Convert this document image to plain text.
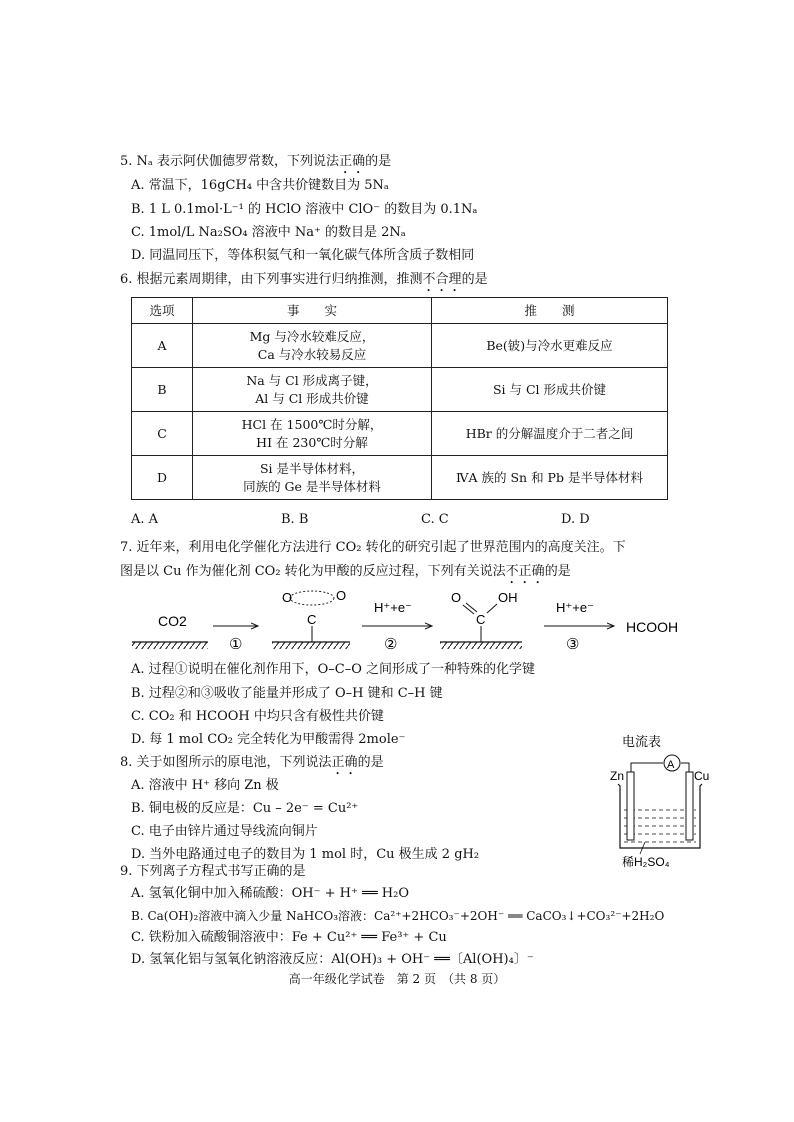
5. Nₐ 表示阿伏伽德罗常数，下列说法正确的是
A. 常温下，16gCH₄ 中含共价键数目为 5Nₐ
B. 1 L 0.1mol·L⁻¹ 的 HClO 溶液中 ClO⁻ 的数目为 0.1Nₐ
C. 1mol/L Na₂SO₄ 溶液中 Na⁺ 的数目是 2Nₐ
D. 同温同压下，等体积氦气和一氧化碳气体所含质子数相同
6. 根据元素周期律，由下列事实进行归纳推测，推测不合理的是
选项	事　　实	推　　测
A	Mg 与冷水较难反应，
Ca 与冷水较易反应	Be(铍)与冷水更难反应
B	Na 与 Cl 形成离子键，
Al 与 Cl 形成共价键	Si 与 Cl 形成共价键
C	HCl 在 1500℃时分解，
HI 在 230℃时分解	HBr 的分解温度介于二者之间
D	Si 是半导体材料，
同族的 Ge 是半导体材料	ⅣA 族的 Sn 和 Pb 是半导体材料
A. A	B. B	C. C	D. D
7. 近年来，利用电化学催化方法进行 CO₂ 转化的研究引起了世界范围内的高度关注。下
图是以 Cu 作为催化剂 CO₂ 转化为甲酸的反应过程，下列有关说法不正确的是
CO2
①
O	O
C
H⁺+e⁻
②
O	OH
C
H⁺+e⁻
③
HCOOH
A. 过程①说明在催化剂作用下，O–C–O 之间形成了一种特殊的化学键
B. 过程②和③吸收了能量并形成了 O–H 键和 C–H 键
C. CO₂ 和 HCOOH 中均只含有极性共价键
D. 每 1 mol CO₂ 完全转化为甲酸需得 2mole⁻
8. 关于如图所示的原电池，下列说法正确的是
A. 溶液中 H⁺ 移向 Zn 极
B. 铜电极的反应是：Cu – 2e⁻ = Cu²⁺
C. 电子由锌片通过导线流向铜片
D. 当外电路通过电子的数目为 1 mol 时，Cu 极生成 2 gH₂
电流表
A
Zn	Cu
稀H₂SO₄
9. 下列离子方程式书写正确的是
A. 氢氧化铜中加入稀硫酸：OH⁻ + H⁺ ══ H₂O
B. Ca(OH)₂溶液中滴入少量 NaHCO₃溶液：Ca²⁺+2HCO₃⁻+2OH⁻ ══ CaCO₃↓+CO₃²⁻+2H₂O
C. 铁粉加入硫酸铜溶液中：Fe + Cu²⁺ ══ Fe³⁺ + Cu
D. 氢氧化铝与氢氧化钠溶液反应：Al(OH)₃ + OH⁻ ══〔Al(OH)₄〕⁻
高一年级化学试卷　第 2 页　（共 8 页）
